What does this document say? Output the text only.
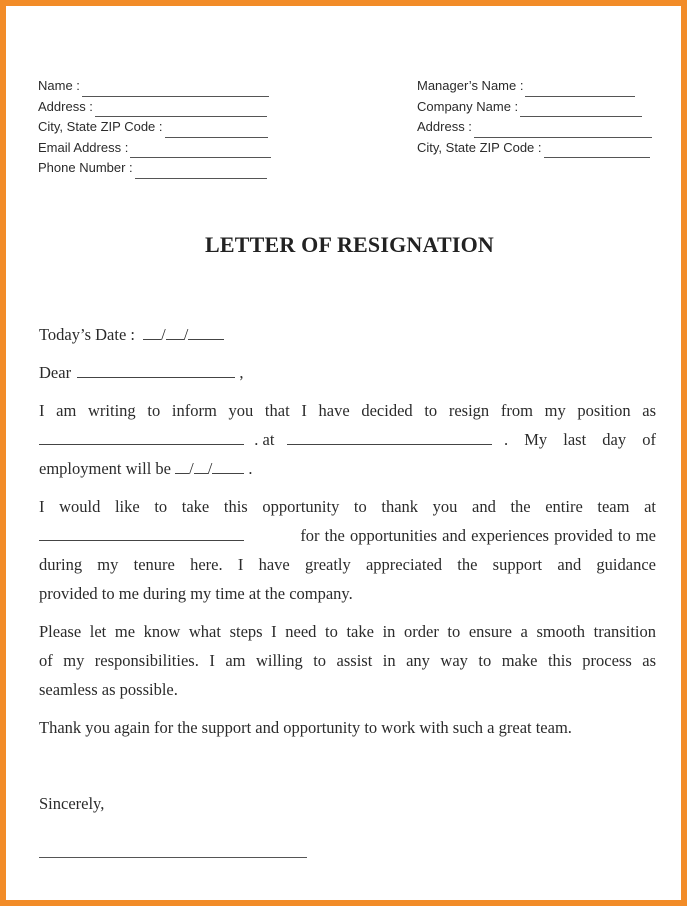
Name :
Address :
City, State ZIP Code :
Email Address :
Phone Number :
Manager’s Name :
Company Name :
Address :
City, State ZIP Code :
LETTER OF RESIGNATION

Today’s Date : / /

Dear	,

I am writing to inform you that I have decided to resign from my position as

. at	. My last day of

employment will be / / .

I would like to take this opportunity to thank you and the entire team at

for the opportunities and experiences provided to me

during my tenure here. I have greatly appreciated the support and guidance

provided to me during my time at the company.

Please let me know what steps I need to take in order to ensure a smooth transition

of my responsibilities. I am willing to assist in any way to make this process as

seamless as possible.

Thank you again for the support and opportunity to work with such a great team.

Sincerely,
